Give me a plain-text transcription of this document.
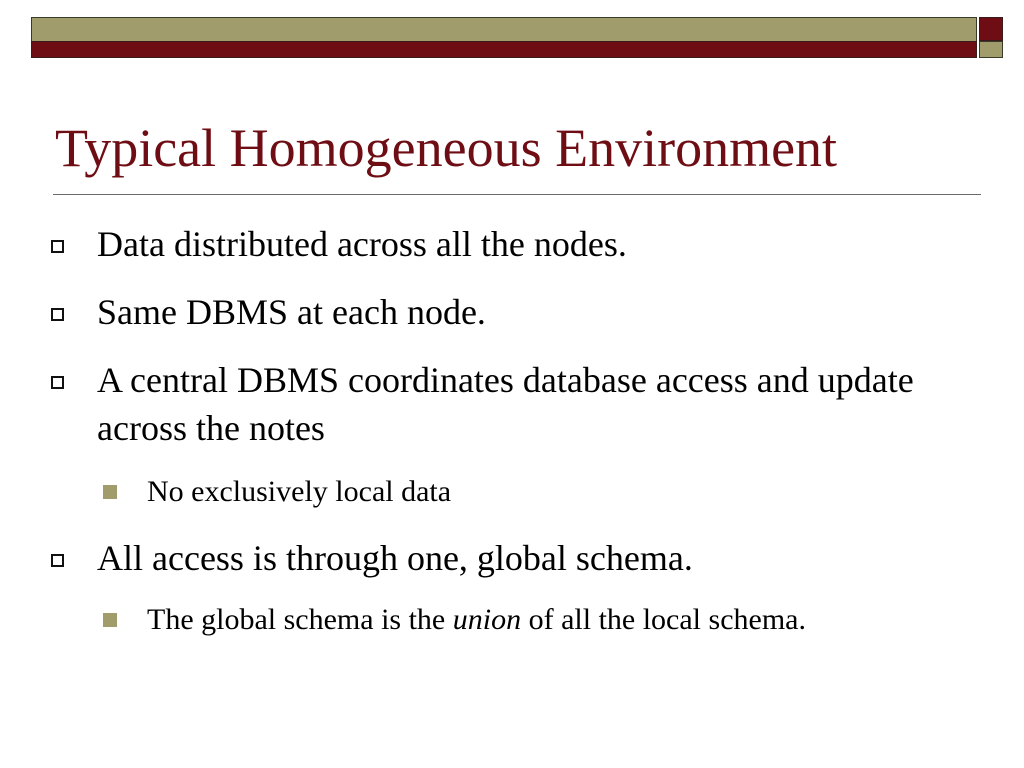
Typical Homogeneous Environment
Data distributed across all the nodes.
Same DBMS at each node.
A central DBMS coordinates database access and update across the notes
No exclusively local data
All access is through one, global schema.
The global schema is the union of all the local schema.
